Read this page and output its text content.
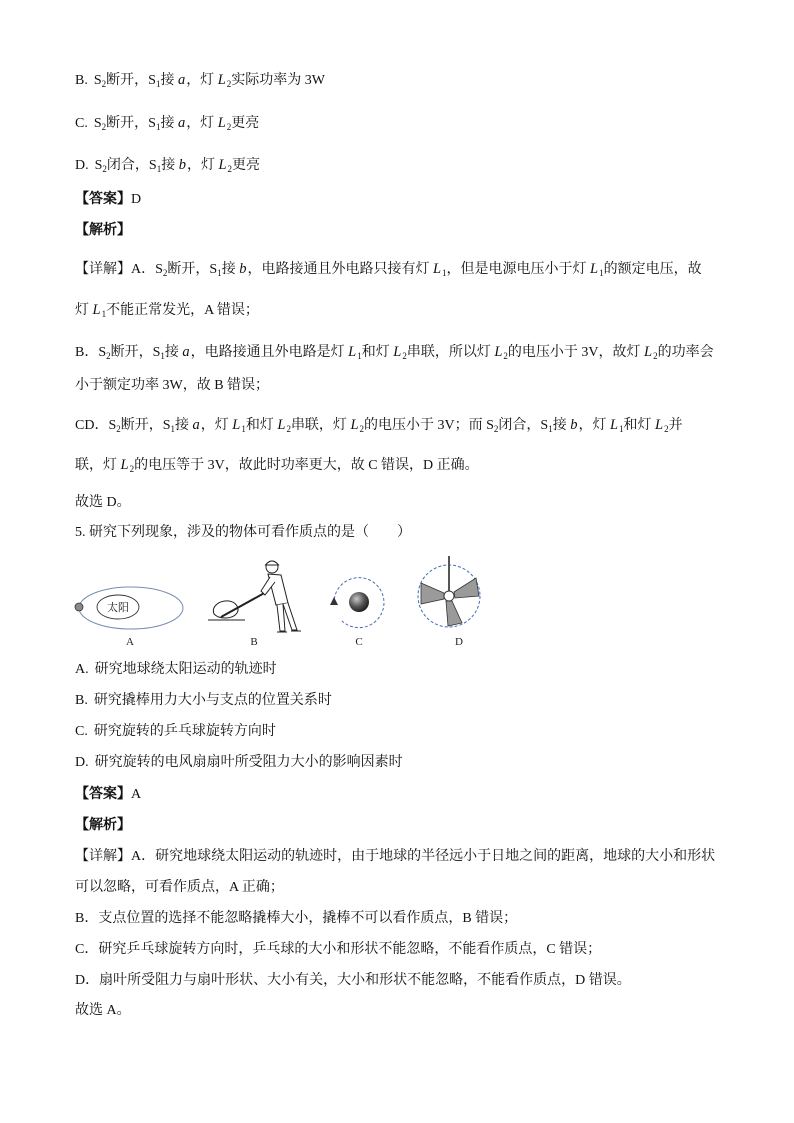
B. $S_2$断开，$S_1$接 a，灯 $L_2$实际功率为 3W
C. $S_2$断开，$S_1$接 a，灯 $L_2$更亮
D. $S_2$闭合，$S_1$接 b，灯 $L_2$更亮
【答案】D
【解析】
【详解】A．$S_2$断开，$S_1$接 b，电路接通且外电路只接有灯 $L_1$，但是电源电压小于灯 $L_1$的额定电压，故
灯 $L_1$不能正常发光，A 错误；
B．$S_2$断开，$S_1$接 a，电路接通且外电路是灯 $L_1$和灯 $L_2$串联，所以灯 $L_2$的电压小于 3V，故灯 $L_2$的功率会
小于额定功率 3W，故 B 错误；
CD．$S_2$断开，$S_1$接 a，灯 $L_1$和灯 $L_2$串联，灯 $L_2$的电压小于 3V；而 $S_2$闭合，$S_1$接 b，灯 $L_1$和灯 $L_2$并
联，灯 $L_2$的电压等于 3V，故此时功率更大，故 C 错误，D 正确。
故选 D。
5. 研究下列现象，涉及的物体可看作质点的是（　　）
太阳
A	B	C	D
A. 研究地球绕太阳运动的轨迹时
B. 研究撬棒用力大小与支点的位置关系时
C. 研究旋转的乒乓球旋转方向时
D. 研究旋转的电风扇扇叶所受阻力大小的影响因素时
【答案】A
【解析】
【详解】A．研究地球绕太阳运动的轨迹时，由于地球的半径远小于日地之间的距离，地球的大小和形状
可以忽略，可看作质点，A 正确；
B．支点位置的选择不能忽略撬棒大小，撬棒不可以看作质点，B 错误；
C．研究乒乓球旋转方向时，乒乓球的大小和形状不能忽略，不能看作质点，C 错误；
D．扇叶所受阻力与扇叶形状、大小有关，大小和形状不能忽略，不能看作质点，D 错误。
故选 A。
